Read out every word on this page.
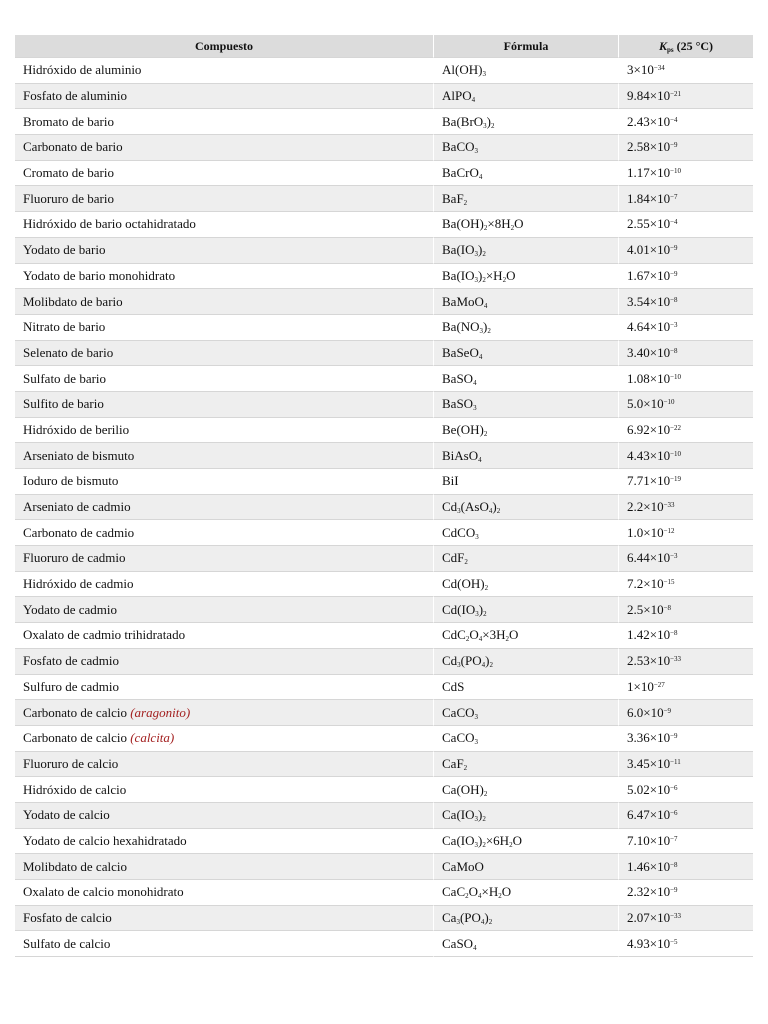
Compuesto	Fórmula	$K_{ps}$ (25 °C)
Hidróxido de aluminio	$Al(OH)_3$	$3\times 10^{-34}$
Fosfato de aluminio	AlPO$_4$	$9.84\times 10^{-21}$
Bromato de bario	$Ba(BrO_3)_2$	$2.43\times 10^{-4}$
Carbonato de bario	BaCO$_3$	$2.58\times 10^{-9}$
Cromato de bario	BaCrO$_4$	$1.17\times 10^{-10}$
Fluoruro de bario	BaF$_2$	$1.84\times 10^{-7}$
Hidróxido de bario octahidratado	$Ba(OH)_2\times 8H_2O$	$2.55\times 10^{-4}$
Yodato de bario	$Ba(IO_3)_2$	$4.01\times 10^{-9}$
Yodato de bario monohidrato	$Ba(IO_3)_2\times H_2O$	$1.67\times 10^{-9}$
Molibdato de bario	BaMoO$_4$	$3.54\times 10^{-8}$
Nitrato de bario	$Ba(NO_3)_2$	$4.64\times 10^{-3}$
Selenato de bario	BaSeO$_4$	$3.40\times 10^{-8}$
Sulfato de bario	BaSO$_4$	$1.08\times 10^{-10}$
Sulfito de bario	BaSO$_3$	$5.0\times 10^{-10}$
Hidróxido de berilio	$Be(OH)_2$	$6.92\times 10^{-22}$
Arseniato de bismuto	BiAsO$_4$	$4.43\times 10^{-10}$
Ioduro de bismuto	BiI	$7.71\times 10^{-19}$
Arseniato de cadmio	$Cd_3(AsO_4)_2$	$2.2\times 10^{-33}$
Carbonato de cadmio	CdCO$_3$	$1.0\times 10^{-12}$
Fluoruro de cadmio	CdF$_2$	$6.44\times 10^{-3}$
Hidróxido de cadmio	$Cd(OH)_2$	$7.2\times 10^{-15}$
Yodato de cadmio	$Cd(IO_3)_2$	$2.5\times 10^{-8}$
Oxalato de cadmio trihidratado	$CdC_2O_4\times 3H_2O$	$1.42\times 10^{-8}$
Fosfato de cadmio	$Cd_3(PO_4)_2$	$2.53\times 10^{-33}$
Sulfuro de cadmio	CdS	$1\times 10^{-27}$
Carbonato de calcio (aragonito)	CaCO$_3$	$6.0\times 10^{-9}$
Carbonato de calcio (calcita)	CaCO$_3$	$3.36\times 10^{-9}$
Fluoruro de calcio	CaF$_2$	$3.45\times 10^{-11}$
Hidróxido de calcio	$Ca(OH)_2$	$5.02\times 10^{-6}$
Yodato de calcio	$Ca(IO_3)_2$	$6.47\times 10^{-6}$
Yodato de calcio hexahidratado	$Ca(IO_3)_2\times 6H_2O$	$7.10\times 10^{-7}$
Molibdato de calcio	CaMoO	$1.46\times 10^{-8}$
Oxalato de calcio monohidrato	$CaC_2O_4\times H_2O$	$2.32\times 10^{-9}$
Fosfato de calcio	$Ca_3(PO_4)_2$	$2.07\times 10^{-33}$
Sulfato de calcio	CaSO$_4$	$4.93\times 10^{-5}$
